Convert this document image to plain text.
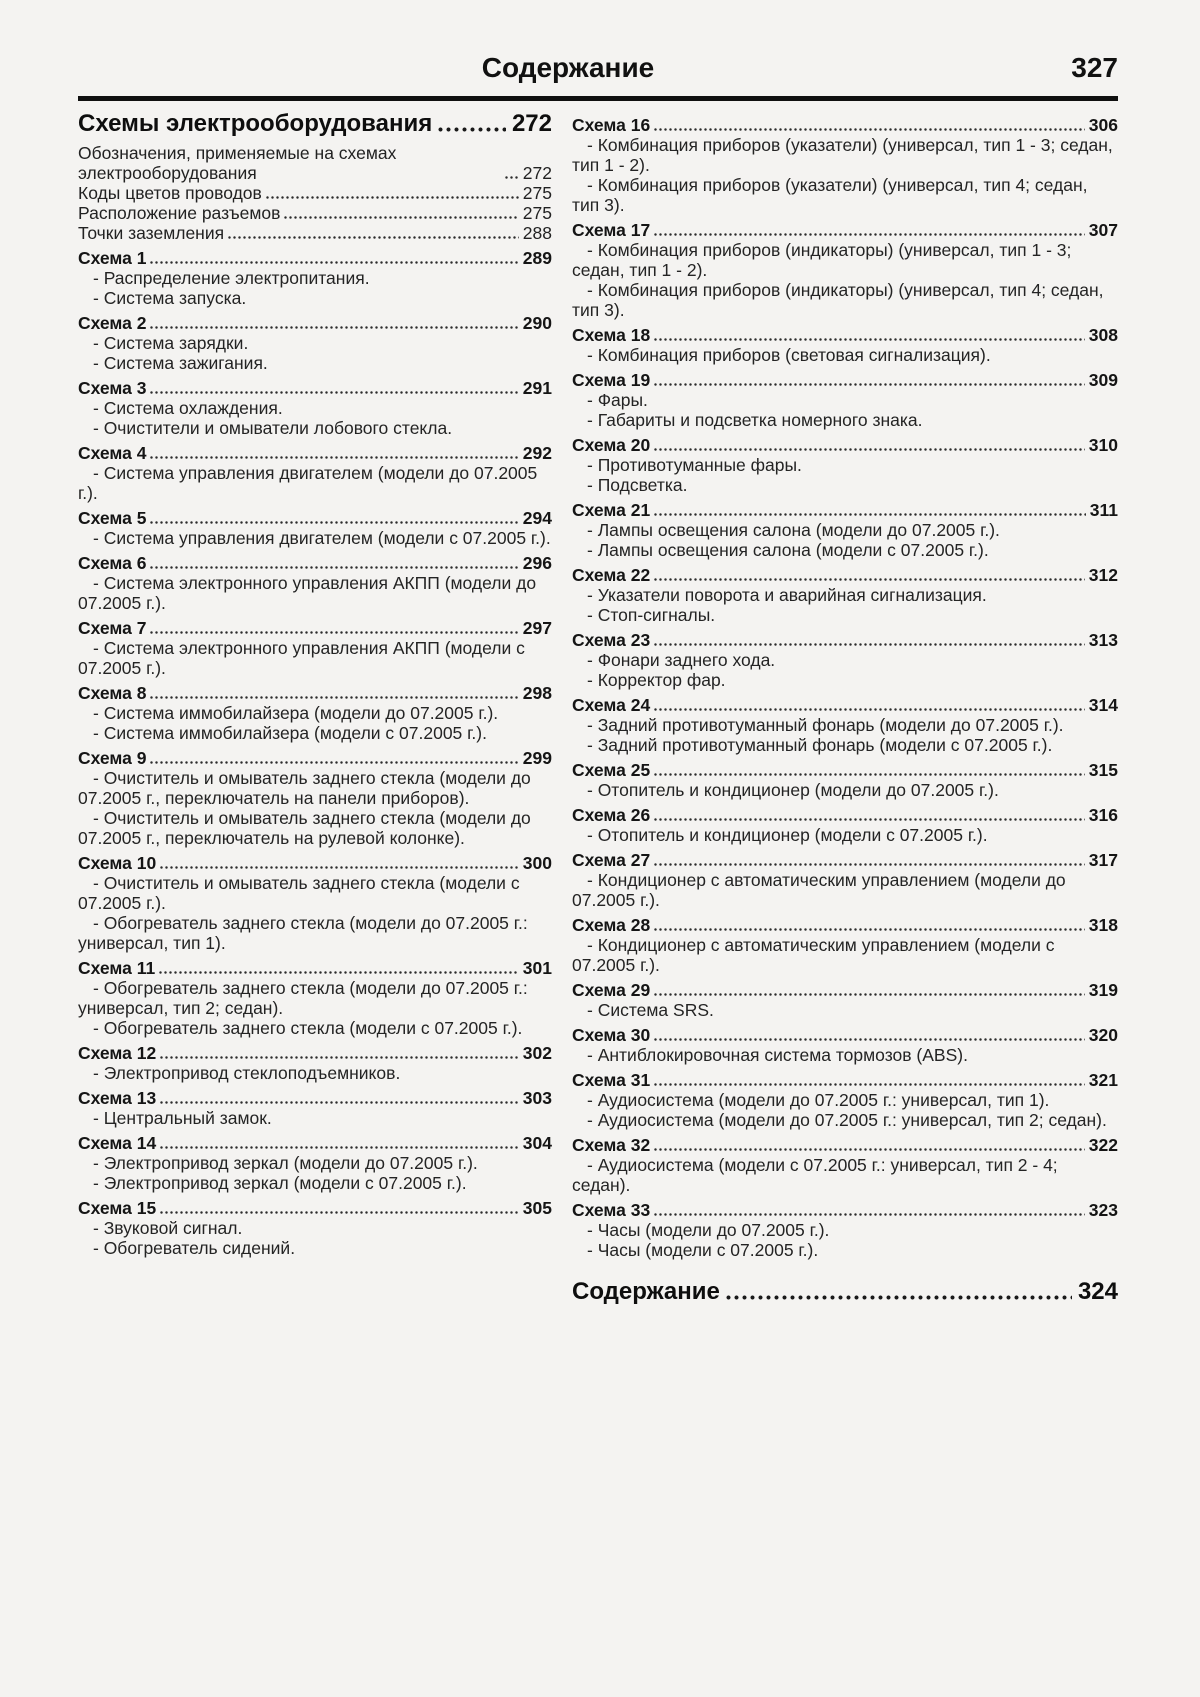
Содержание	327
Схемы электрооборудования	272
Обозначения, применяемые на схемах электрооборудования	272
Коды цветов проводов	275
Расположение разъемов	275
Точки заземления	288
Схема 1	289
- Распределение электропитания.
- Система запуска.
Схема 2	290
- Система зарядки.
- Система зажигания.
Схема 3	291
- Система охлаждения.
- Очистители и омыватели лобового стекла.
Схема 4	292
- Система управления двигателем (модели до 07.2005 г.).
Схема 5	294
- Система управления двигателем (модели с 07.2005 г.).
Схема 6	296
- Система электронного управления АКПП (модели до 07.2005 г.).
Схема 7	297
- Система электронного управления АКПП (модели с 07.2005 г.).
Схема 8	298
- Система иммобилайзера (модели до 07.2005 г.).
- Система иммобилайзера (модели с 07.2005 г.).
Схема 9	299
- Очиститель и омыватель заднего стекла (модели до 07.2005 г., переключатель на панели приборов).
- Очиститель и омыватель заднего стекла (модели до 07.2005 г., переключатель на рулевой колонке).
Схема 10	300
- Очиститель и омыватель заднего стекла (модели с 07.2005 г.).
- Обогреватель заднего стекла (модели до 07.2005 г.: универсал, тип 1).
Схема 11	301
- Обогреватель заднего стекла (модели до 07.2005 г.: универсал, тип 2; седан).
- Обогреватель заднего стекла (модели с 07.2005 г.).
Схема 12	302
- Электропривод стеклоподъемников.
Схема 13	303
- Центральный замок.
Схема 14	304
- Электропривод зеркал (модели до 07.2005 г.).
- Электропривод зеркал (модели с 07.2005 г.).
Схема 15	305
- Звуковой сигнал.
- Обогреватель сидений.
Схема 16	306
- Комбинация приборов (указатели) (универсал, тип 1 - 3; седан, тип 1 - 2).
- Комбинация приборов (указатели) (универсал, тип 4; седан, тип 3).
Схема 17	307
- Комбинация приборов (индикаторы) (универсал, тип 1 - 3; седан, тип 1 - 2).
- Комбинация приборов (индикаторы) (универсал, тип 4; седан, тип 3).
Схема 18	308
- Комбинация приборов (световая сигнализация).
Схема 19	309
- Фары.
- Габариты и подсветка номерного знака.
Схема 20	310
- Противотуманные фары.
- Подсветка.
Схема 21	311
- Лампы освещения салона (модели до 07.2005 г.).
- Лампы освещения салона (модели с 07.2005 г.).
Схема 22	312
- Указатели поворота и аварийная сигнализация.
- Стоп-сигналы.
Схема 23	313
- Фонари заднего хода.
- Корректор фар.
Схема 24	314
- Задний противотуманный фонарь (модели до 07.2005 г.).
- Задний противотуманный фонарь (модели с 07.2005 г.).
Схема 25	315
- Отопитель и кондиционер (модели до 07.2005 г.).
Схема 26	316
- Отопитель и кондиционер (модели с 07.2005 г.).
Схема 27	317
- Кондиционер с автоматическим управлением (модели до 07.2005 г.).
Схема 28	318
- Кондиционер с автоматическим управлением (модели с 07.2005 г.).
Схема 29	319
- Система SRS.
Схема 30	320
- Антиблокировочная система тормозов (ABS).
Схема 31	321
- Аудиосистема (модели до 07.2005 г.: универсал, тип 1).
- Аудиосистема (модели до 07.2005 г.: универсал, тип 2; седан).
Схема 32	322
- Аудиосистема (модели с 07.2005 г.: универсал, тип 2 - 4; седан).
Схема 33	323
- Часы (модели до 07.2005 г.).
- Часы (модели с 07.2005 г.).
Содержание	324
